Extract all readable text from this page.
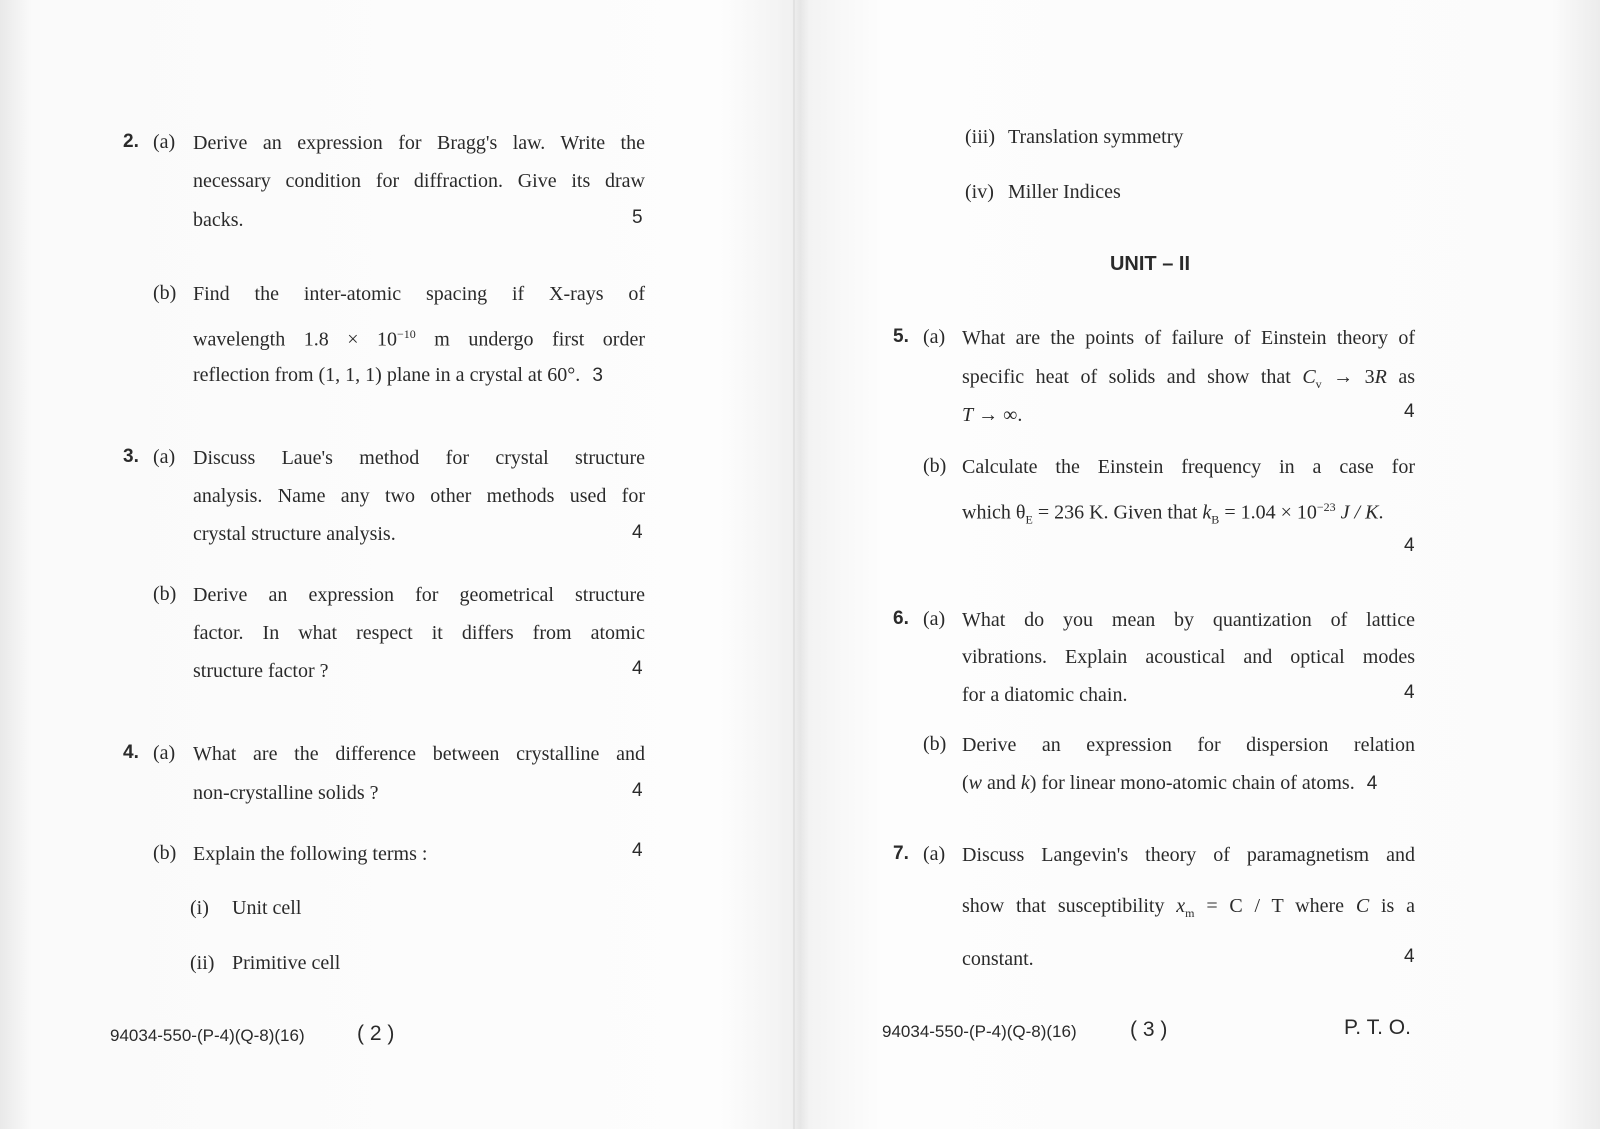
2. (a) Derive an expression for Bragg's law. Write the
necessary condition for diffraction. Give its draw
backs.	5
(b) Find the inter-atomic spacing if X-rays of
wavelength $1.8 \times 10^{-10}$ m undergo first order
reflection from (1, 1, 1) plane in a crystal at 60°. 3
3. (a) Discuss Laue's method for crystal structure
analysis. Name any two other methods used for
crystal structure analysis.	4
(b) Derive an expression for geometrical structure
factor. In what respect it differs from atomic
structure factor ?	4
4. (a) What are the difference between crystalline and
non-crystalline solids ?	4
(b) Explain the following terms :	4
5. (a) What are the points of failure of Einstein theory of
specific heat of solids and show that $C_v \to 3R$ as
T → ∞.	4
(b) Calculate the Einstein frequency in a case for
which $\theta_E = 236$ K. Given that $k_B = 1.04 \times 10^{-23}$ J / K.
4
6. (a) What do you mean by quantization of lattice
vibrations. Explain acoustical and optical modes
for a diatomic chain.	4
(b) Derive an expression for dispersion relation
(w and k) for linear mono-atomic chain of atoms. 4
7. (a) Discuss Langevin's theory of paramagnetism and
show that susceptibility $x_m = C / T$ where C is a
constant.	4
(i) Unit cell
(ii) Primitive cell
(iii) Translation symmetry
(iv) Miller Indices
UNIT – II
94034-550-(P-4)(Q-8)(16) ( 2 )	94034-550-(P-4)(Q-8)(16)	( 3 )	P. T. O.
